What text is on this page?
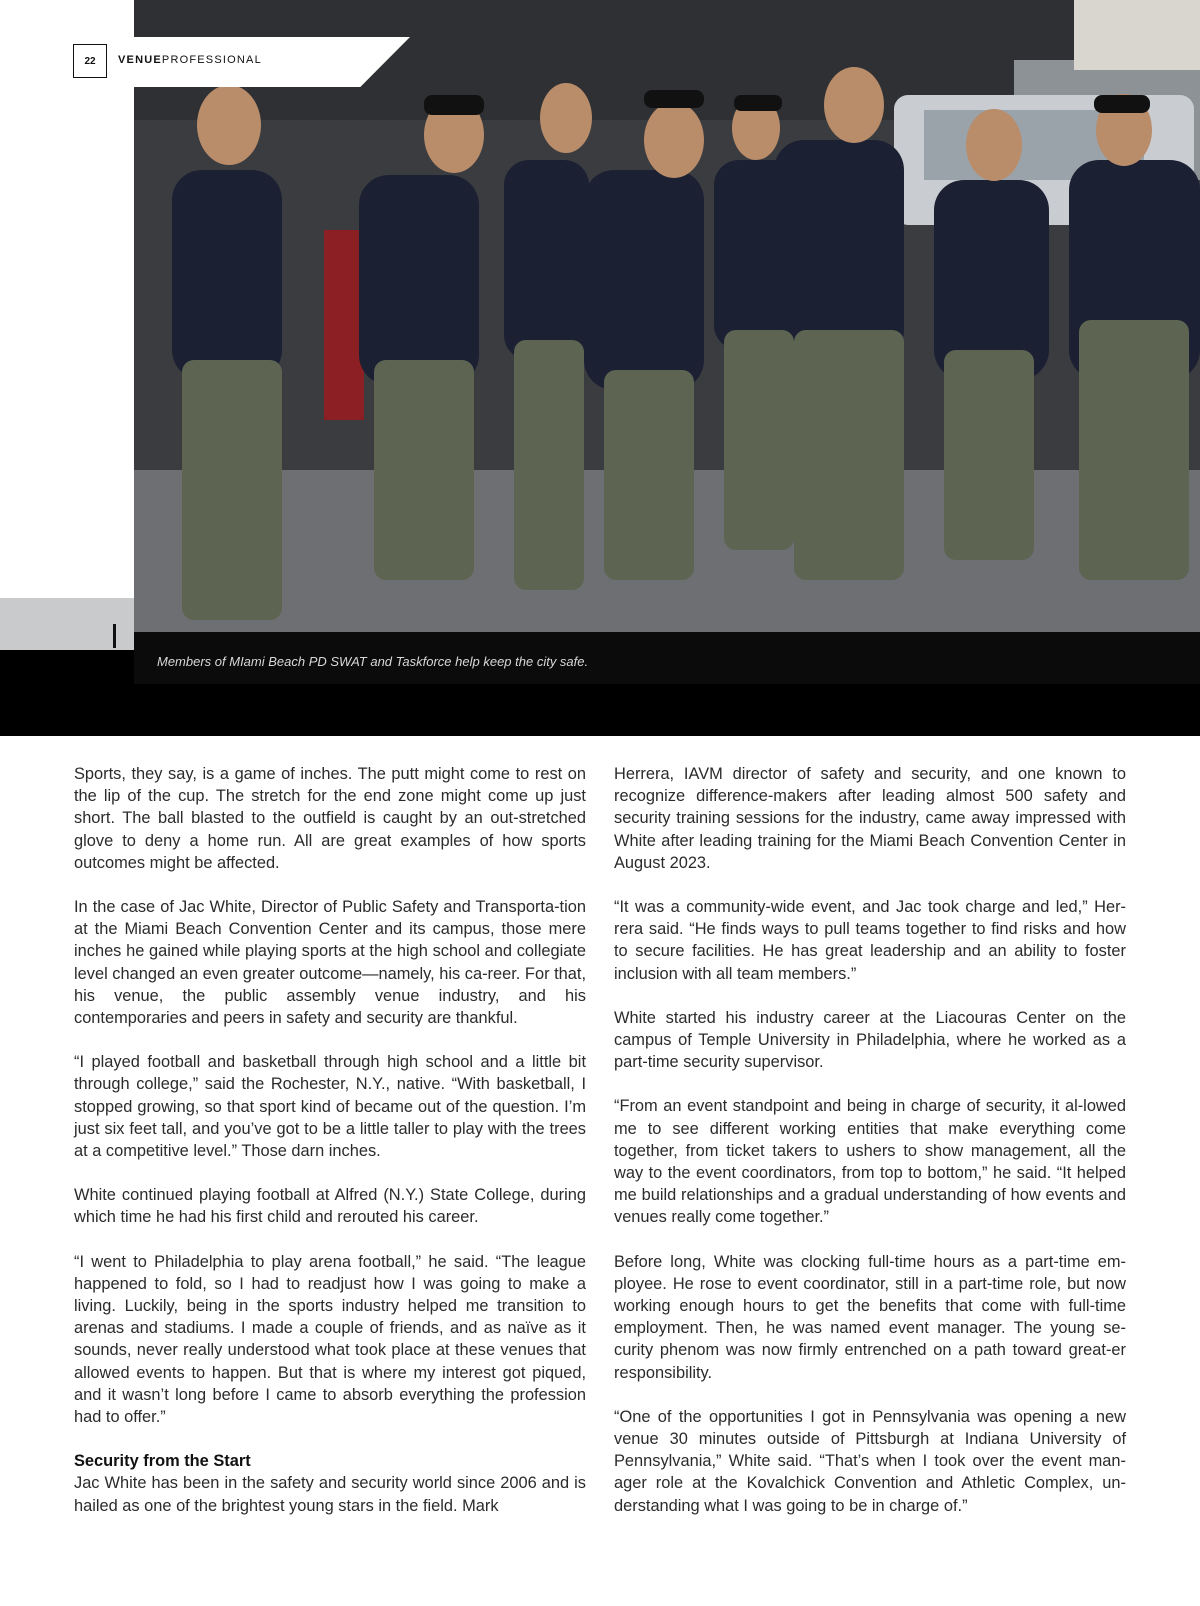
Members of MIami Beach PD SWAT and Taskforce help keep the city safe.
22	VENUEPROFESSIONAL

Sports, they say, is a game of inches. The putt might come to rest on the lip of the cup. The stretch for the end zone might come up just short. The ball blasted to the outfield is caught by an out-stretched glove to deny a home run. All are great examples of how sports outcomes might be affected.

In the case of Jac White, Director of Public Safety and Transporta-tion at the Miami Beach Convention Center and its campus, those mere inches he gained while playing sports at the high school and collegiate level changed an even greater outcome—namely, his ca-reer. For that, his venue, the public assembly venue industry, and his contemporaries and peers in safety and security are thankful.

“I played football and basketball through high school and a little bit through college,” said the Rochester, N.Y., native. “With basketball, I stopped growing, so that sport kind of became out of the question. I’m just six feet tall, and you’ve got to be a little taller to play with the trees at a competitive level.” Those darn inches.

White continued playing football at Alfred (N.Y.) State College, during which time he had his first child and rerouted his career.

“I went to Philadelphia to play arena football,” he said. “The league happened to fold, so I had to readjust how I was going to make a living. Luckily, being in the sports industry helped me transition to arenas and stadiums. I made a couple of friends, and as naïve as it sounds, never really understood what took place at these venues that allowed events to happen. But that is where my interest got piqued, and it wasn’t long before I came to absorb everything the profession had to offer.”

Security from the Start

Jac White has been in the safety and security world since 2006 and is hailed as one of the brightest young stars in the field. Mark

Herrera, IAVM director of safety and security, and one known to recognize difference-makers after leading almost 500 safety and security training sessions for the industry, came away impressed with White after leading training for the Miami Beach Convention Center in August 2023.

“It was a community-wide event, and Jac took charge and led,” Her-rera said. “He finds ways to pull teams together to find risks and how to secure facilities. He has great leadership and an ability to foster inclusion with all team members.”

White started his industry career at the Liacouras Center on the campus of Temple University in Philadelphia, where he worked as a part-time security supervisor.

“From an event standpoint and being in charge of security, it al-lowed me to see different working entities that make everything come together, from ticket takers to ushers to show management, all the way to the event coordinators, from top to bottom,” he said. “It helped me build relationships and a gradual understanding of how events and venues really come together.”

Before long, White was clocking full-time hours as a part-time em-ployee. He rose to event coordinator, still in a part-time role, but now working enough hours to get the benefits that come with full-time employment. Then, he was named event manager. The young se-curity phenom was now firmly entrenched on a path toward great-er responsibility.

“One of the opportunities I got in Pennsylvania was opening a new venue 30 minutes outside of Pittsburgh at Indiana University of Pennsylvania,” White said. “That’s when I took over the event man-ager role at the Kovalchick Convention and Athletic Complex, un-derstanding what I was going to be in charge of.”
